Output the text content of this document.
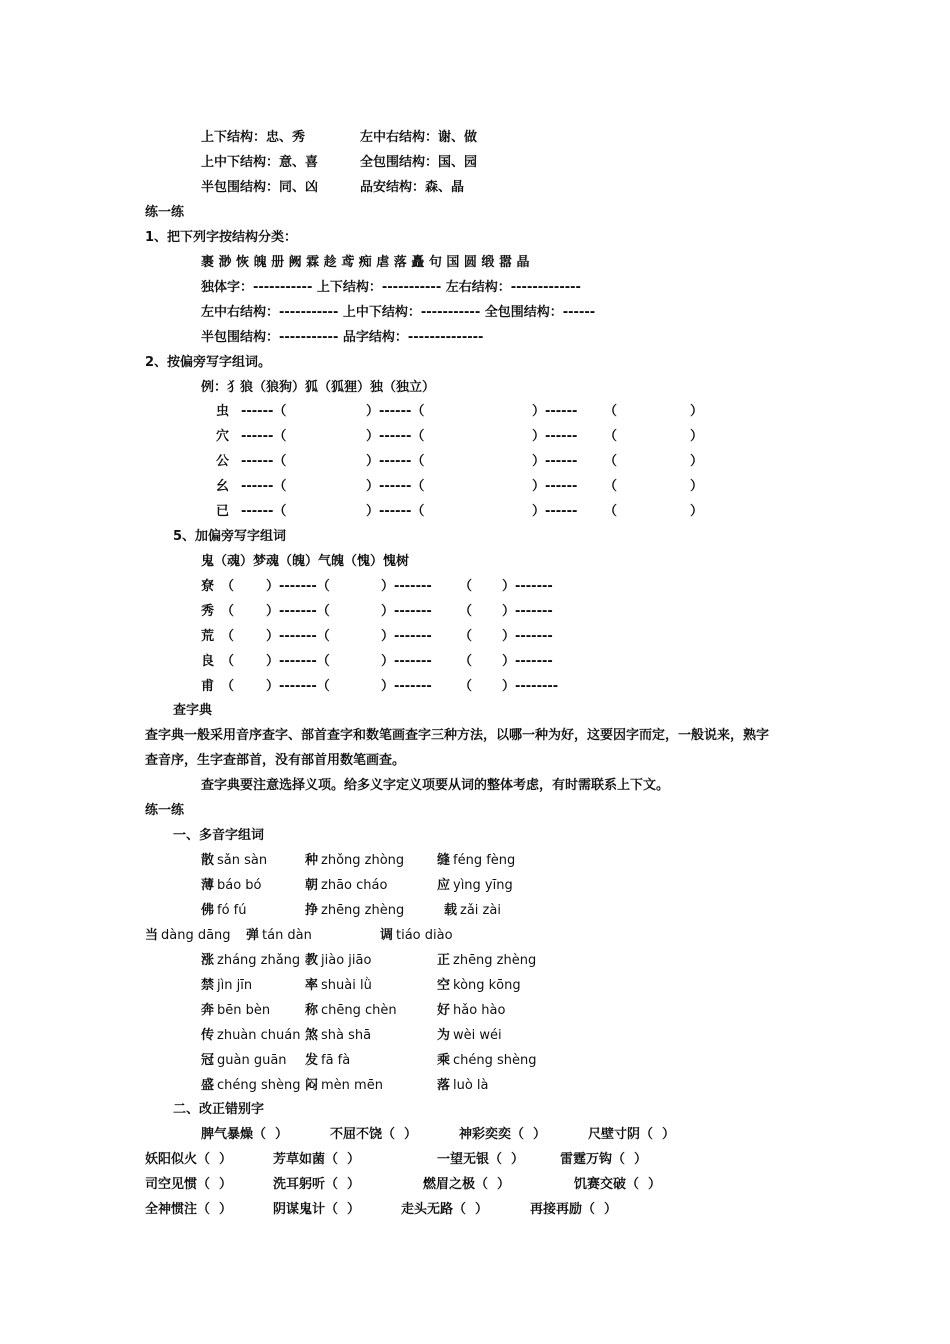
上下结构：忠、秀	左中右结构：谢、做
上中下结构：意、喜	全包围结构：国、园
半包围结构：同、凶	品安结构：森、晶
练一练
1、把下列字按结构分类：
裹 渺 恢 魄 册 阙 霖 趁 鸢 痴 虐 落 矗 句 国 圆 缎 嚣 晶
独体字：----------- 上下结构：----------- 左右结构：-------------
左中右结构：----------- 上中下结构：----------- 全包围结构：------
半包围结构：----------- 品字结构：--------------
2、按偏旁写字组词。
例：犭狼（狼狗）狐（狐狸）独（独立）
虫 ------（	）------（	）------ （	）
穴 ------（	）------（	）------ （	）
公 ------（	）------（	）------ （	）
幺 ------（	）------（	）------ （	）
已 ------（	）------（	）------ （	）
5、加偏旁写字组词
鬼（魂）梦魂（魄）气魄（愧）愧树
尞 （ ）-------（	）------- （ ）-------
秀 （ ）-------（	）------- （ ）-------
荒 （ ）-------（	）------- （ ）-------
良 （ ）-------（	）------- （ ）-------
甫 （ ）-------（	）------- （ ）--------
查字典
查字典一般采用音序查字、部首查字和数笔画查字三种方法，以哪一种为好，这要因字而定，一般说来，熟字
查音序，生字查部首，没有部首用数笔画查。
查字典要注意选择义项。给多义字定义项要从词的整体考虑，有时需联系上下文。
练一练
一、多音字组词
散 sǎn sàn	种 zhǒng zhòng	缝 féng fèng
薄 báo bó	朝 zhāo cháo	应 yìng yīng
佛 fó fú	挣 zhēng zhèng	载 zǎi zài
当 dàng dāng 弹 tán dàn	调 tiáo diào
涨 zháng zhǎng 教 jiào jiāo	正 zhēng zhèng
禁 jìn jīn	率 shuài lǜ	空 kòng kōng
奔 bēn bèn	称 chēng chèn	好 hǎo hào
传 zhuàn chuán 煞 shà shā	为 wèi wéi
冠 guàn guān 发 fā fà	乘 chéng shèng
盛 chéng shèng 闷 mèn mēn	落 luò là
二、改正错别字
脾气暴燥（  ）	不屈不饶（  ）	神彩奕奕（  ）	尺壁寸阴（  ）
妖阳似火（  ）	芳草如菌（  ）	一望无银（  ）	雷霆万钩（  ）
司空见惯（  ）	洗耳躬听（  ）	燃眉之极（  ）	饥赛交破（  ）
全神惯注（  ）	阴谋鬼计（  ）	走头无路（  ）	再接再励（  ）
